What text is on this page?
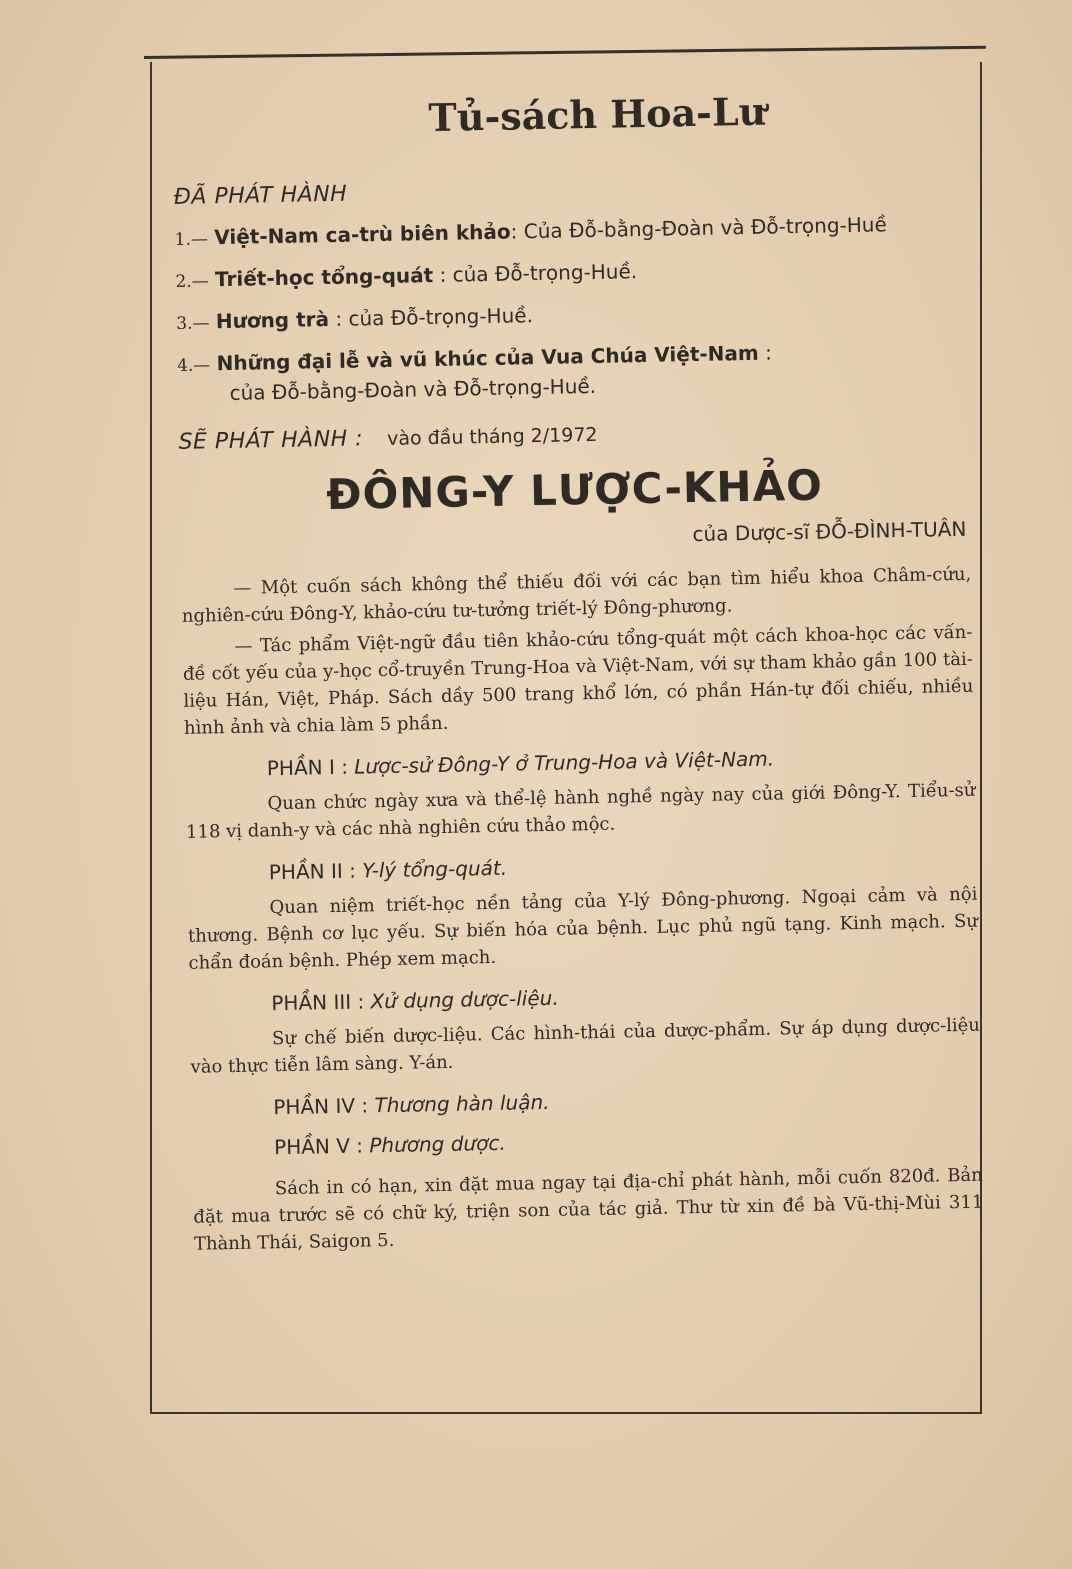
Tủ-sách Hoa-Lư
ĐÃ PHÁT HÀNH
1.— Việt-Nam ca-trù biên khảo: Của Đỗ-bằng-Đoàn và Đỗ-trọng-Huề
2.— Triết-học tổng-quát : của Đỗ-trọng-Huề.
3.— Hương trà : của Đỗ-trọng-Huề.
4.— Những đại lễ và vũ khúc của Vua Chúa Việt-Nam :
của Đỗ-bằng-Đoàn và Đỗ-trọng-Huề.
SẼ PHÁT HÀNH : vào đầu tháng 2/1972
ĐÔNG-Y LƯỢC-KHẢO
của Dược-sĩ ĐỖ-ĐÌNH-TUÂN

— Một cuốn sách không thể thiếu đối với các bạn tìm hiểu khoa Châm-cứu, nghiên-cứu Đông-Y, khảo-cứu tư-tưởng triết-lý Đông-phương.

— Tác phẩm Việt-ngữ đầu tiên khảo-cứu tổng-quát một cách khoa-học các vấn-đề cốt yếu của y-học cổ-truyền Trung-Hoa và Việt-Nam, với sự tham khảo gần 100 tài-liệu Hán, Việt, Pháp. Sách dầy 500 trang khổ lớn, có phần Hán-tự đối chiếu, nhiều hình ảnh và chia làm 5 phần.

PHẦN I : Lược-sử Đông-Y ở Trung-Hoa và Việt-Nam.

Quan chức ngày xưa và thể-lệ hành nghề ngày nay của giới Đông-Y. Tiểu-sử 118 vị danh-y và các nhà nghiên cứu thảo mộc.

PHẦN II : Y-lý tổng-quát.

Quan niệm triết-học nền tảng của Y-lý Đông-phương. Ngoại cảm và nội thương. Bệnh cơ lục yếu. Sự biến hóa của bệnh. Lục phủ ngũ tạng. Kinh mạch. Sự chẩn đoán bệnh. Phép xem mạch.

PHẦN III : Xử dụng dược-liệu.

Sự chế biến dược-liệu. Các hình-thái của dược-phẩm. Sự áp dụng dược-liệu vào thực tiễn lâm sàng. Y-án.

PHẦN IV : Thương hàn luận.
PHẦN V : Phương dược.

Sách in có hạn, xin đặt mua ngay tại địa-chỉ phát hành, mỗi cuốn 820đ. Bản đặt mua trước sẽ có chữ ký, triện son của tác giả. Thư từ xin đề bà Vũ-thị-Mùi 311 Thành Thái, Saigon 5.
